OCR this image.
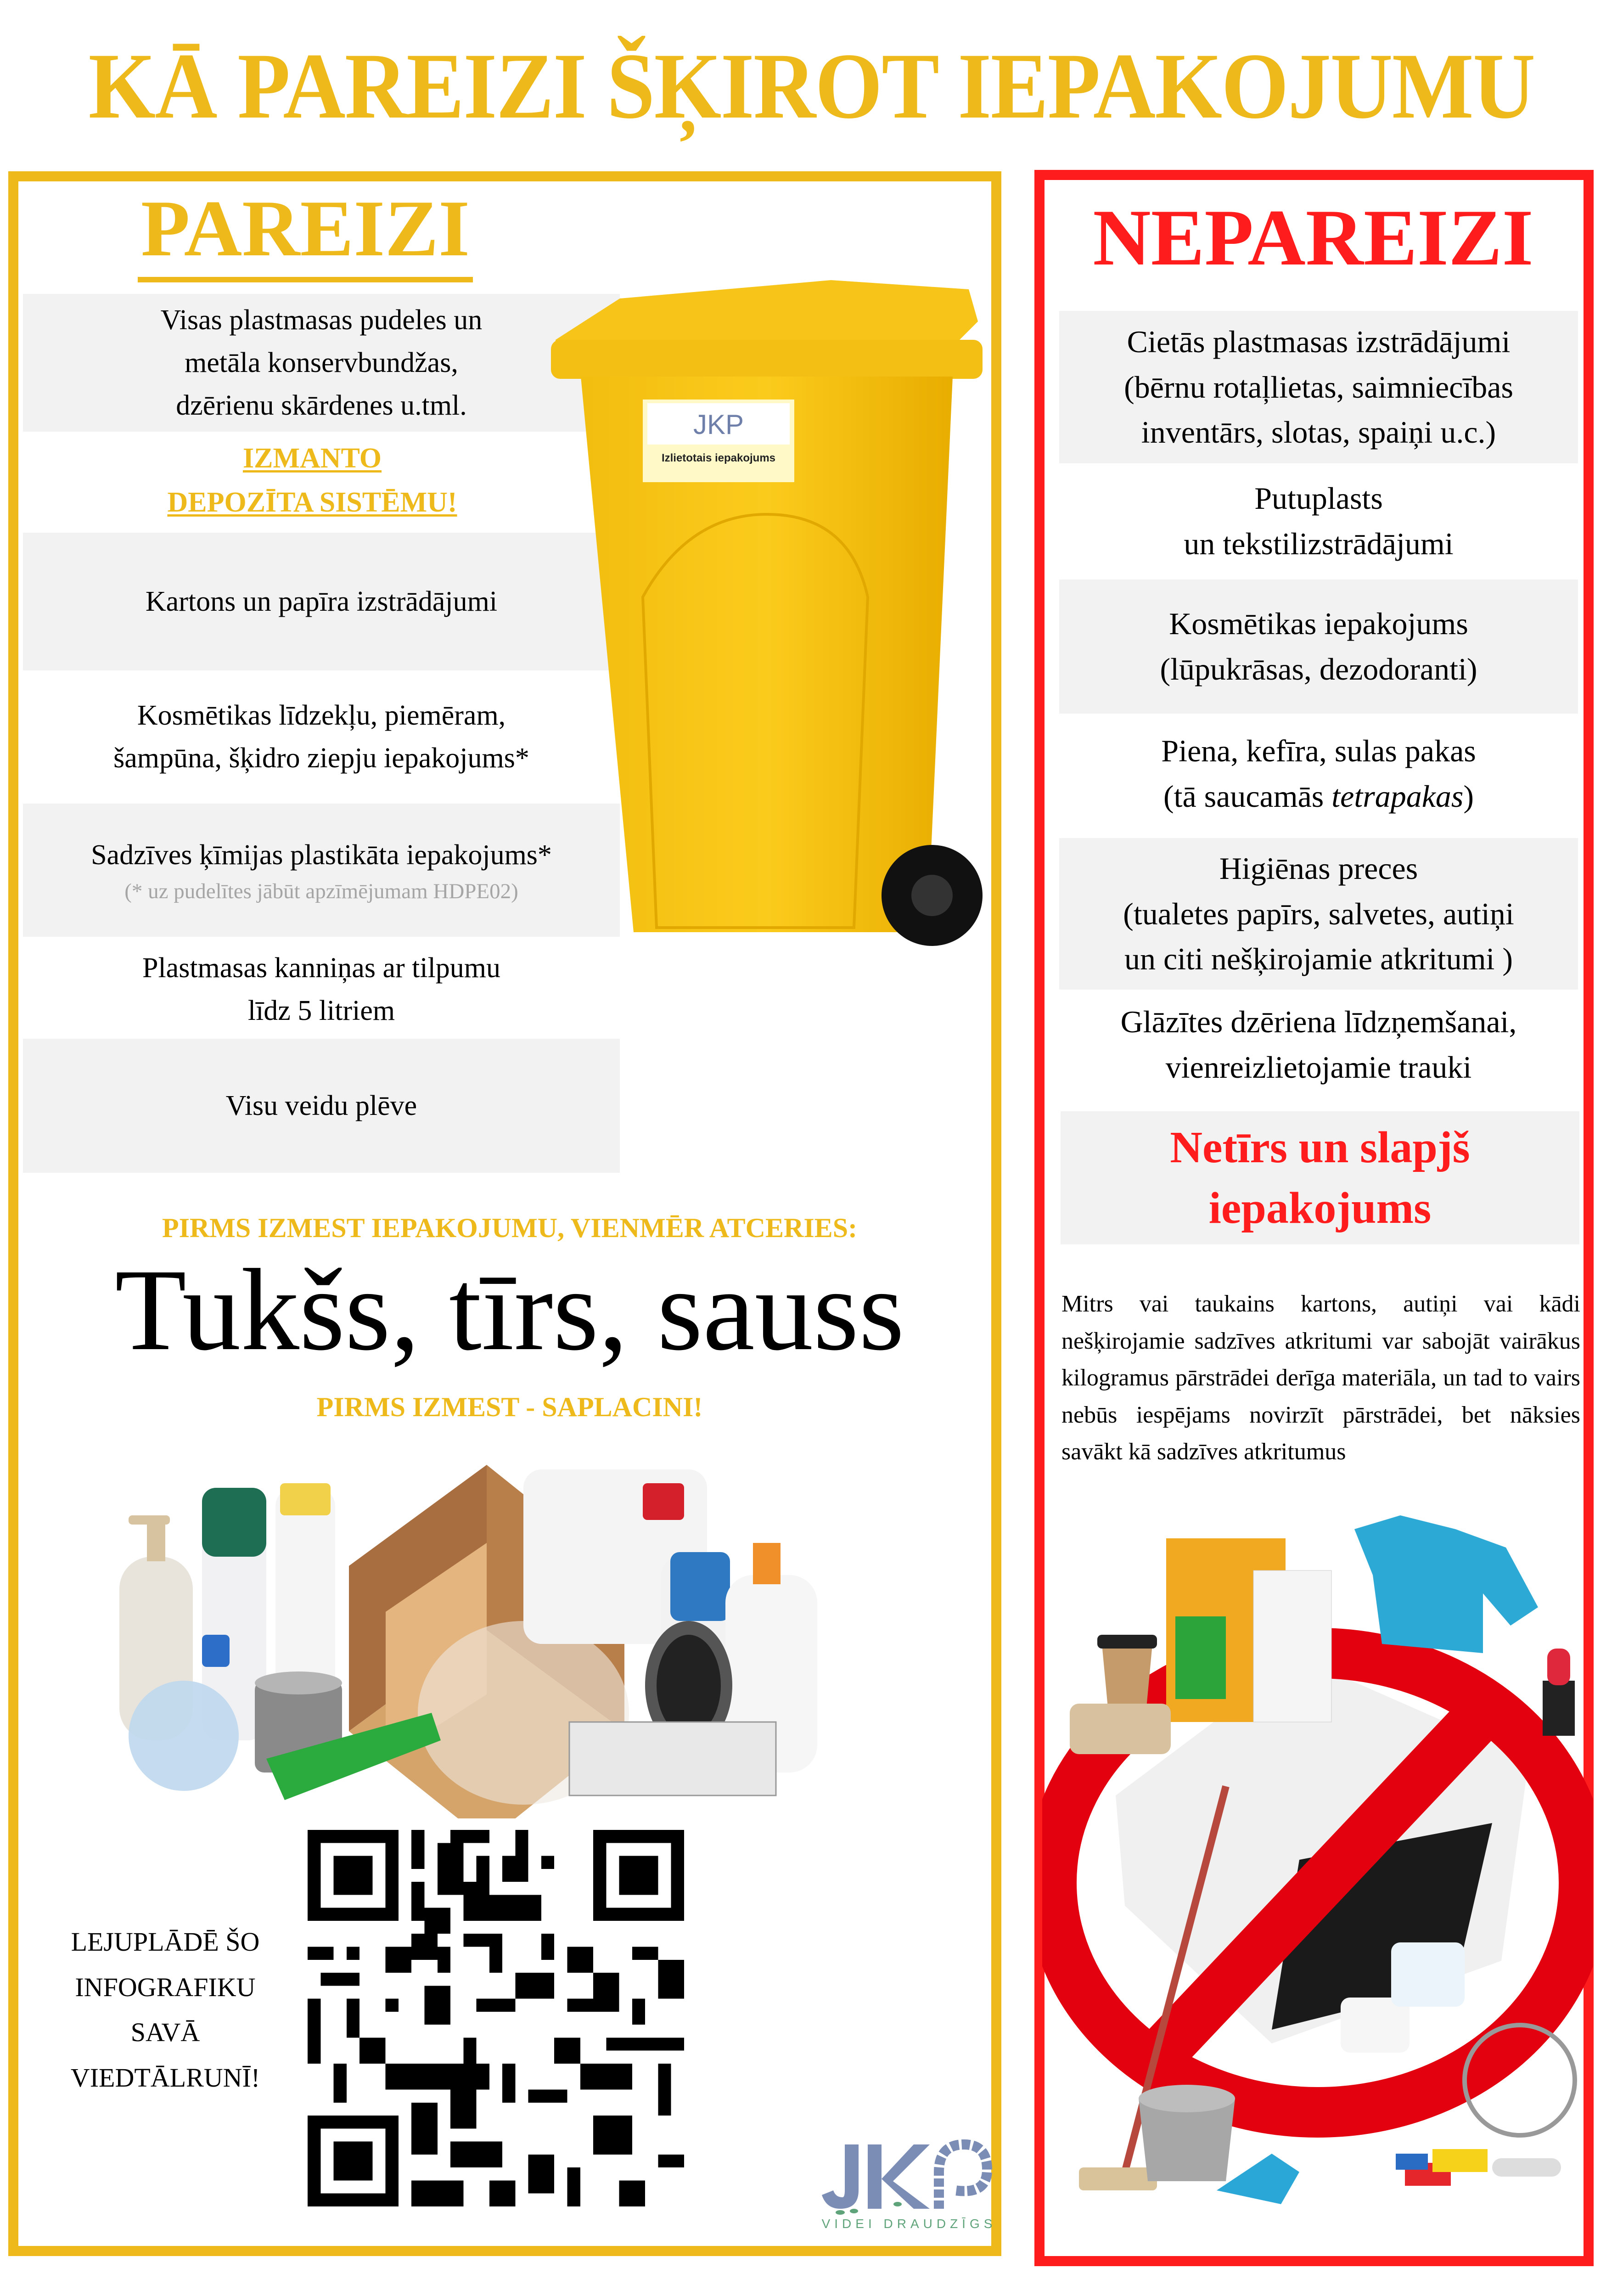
KĀ PAREIZI ŠĶIROT IEPAKOJUMU
PAREIZI
Visas plastmasas pudeles un
metāla konservbundžas,
dzērienu skārdenes u.tml.
IZMANTO
DEPOZĪTA SISTĒMU!
Kartons un papīra izstrādājumi
Kosmētikas līdzekļu, piemēram,
šampūna, šķidro ziepju iepakojums*
Sadzīves ķīmijas plastikāta iepakojums*
(* uz pudelītes jābūt apzīmējumam HDPE02)
Plastmasas kanniņas ar tilpumu
līdz 5 litriem
Visu veidu plēve
JKP
Izlietotais iepakojums
PIRMS IZMEST IEPAKOJUMU, VIENMĒR ATCERIES:
Tukšs, tīrs, sauss
PIRMS IZMEST - SAPLACINI!
LEJUPLĀDĒ ŠO
INFOGRAFIKU
SAVĀ
VIEDTĀLRUNĪ!
VIDEI DRAUDZĪGS
NEPAREIZI
Cietās plastmasas izstrādājumi
(bērnu rotaļlietas, saimniecības
inventārs, slotas, spaiņi u.c.)
Putuplasts
un tekstilizstrādājumi
Kosmētikas iepakojums
(lūpukrāsas, dezodoranti)
Piena, kefīra, sulas pakas
(tā saucamās tetrapakas)
Higiēnas preces
(tualetes papīrs, salvetes, autiņi
un citi nešķirojamie atkritumi )
Glāzītes dzēriena līdzņemšanai,
vienreizlietojamie trauki
Netīrs un slapjš
iepakojums
Mitrs vai taukains kartons, autiņi vai kādi nešķirojamie sadzīves atkritumi var sabojāt vairākus kilogramus pārstrādei derīga materiāla, un tad to vairs nebūs iespējams novirzīt pārstrādei, bet nāksies savākt kā sadzīves atkritumus
